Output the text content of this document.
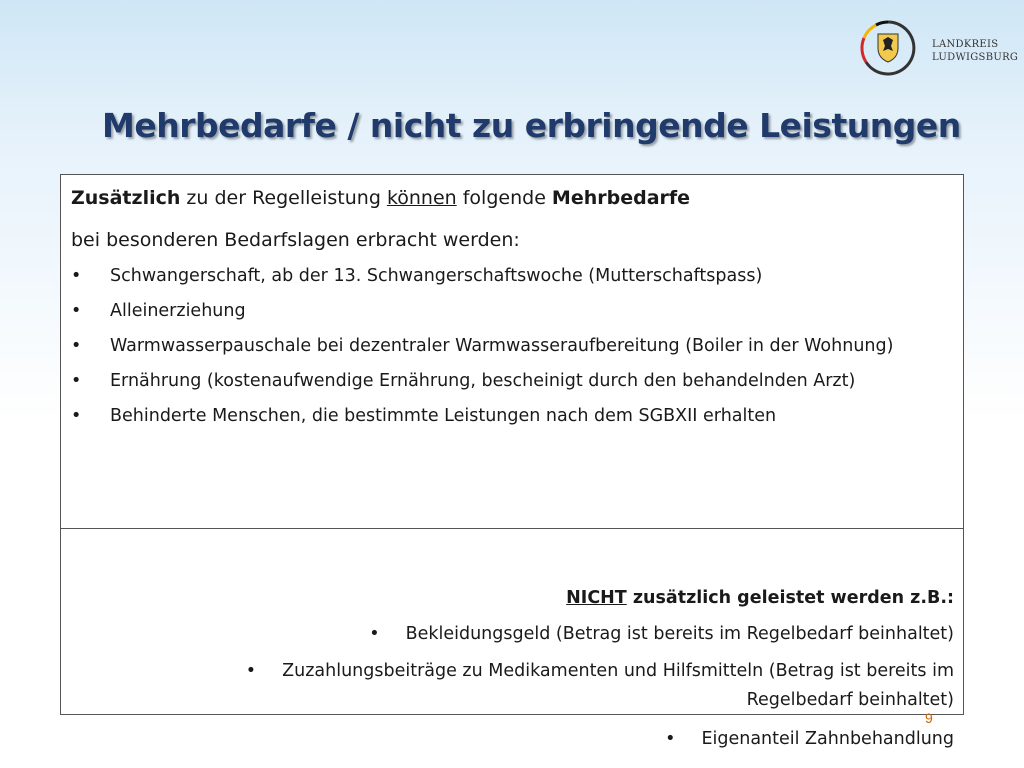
LANDKREIS
LUDWIGSBURG
Mehrbedarfe / nicht zu erbringende Leistungen
Zusätzlich zu der Regelleistung können folgende Mehrbedarfe
bei besonderen Bedarfslagen erbracht werden:
• Schwangerschaft, ab der 13. Schwangerschaftswoche (Mutterschaftspass)
• Alleinerziehung
• Warmwasserpauschale bei dezentraler Warmwasseraufbereitung (Boiler in der Wohnung)
• Ernährung (kostenaufwendige Ernährung, bescheinigt durch den behandelnden Arzt)
• Behinderte Menschen, die bestimmte Leistungen nach dem SGBXII erhalten
NICHT zusätzlich geleistet werden z.B.:
• Bekleidungsgeld (Betrag ist bereits im Regelbedarf beinhaltet)
• Zuzahlungsbeiträge zu Medikamenten und Hilfsmitteln (Betrag ist bereits im
Regelbedarf beinhaltet)
• Eigenanteil Zahnbehandlung
9
